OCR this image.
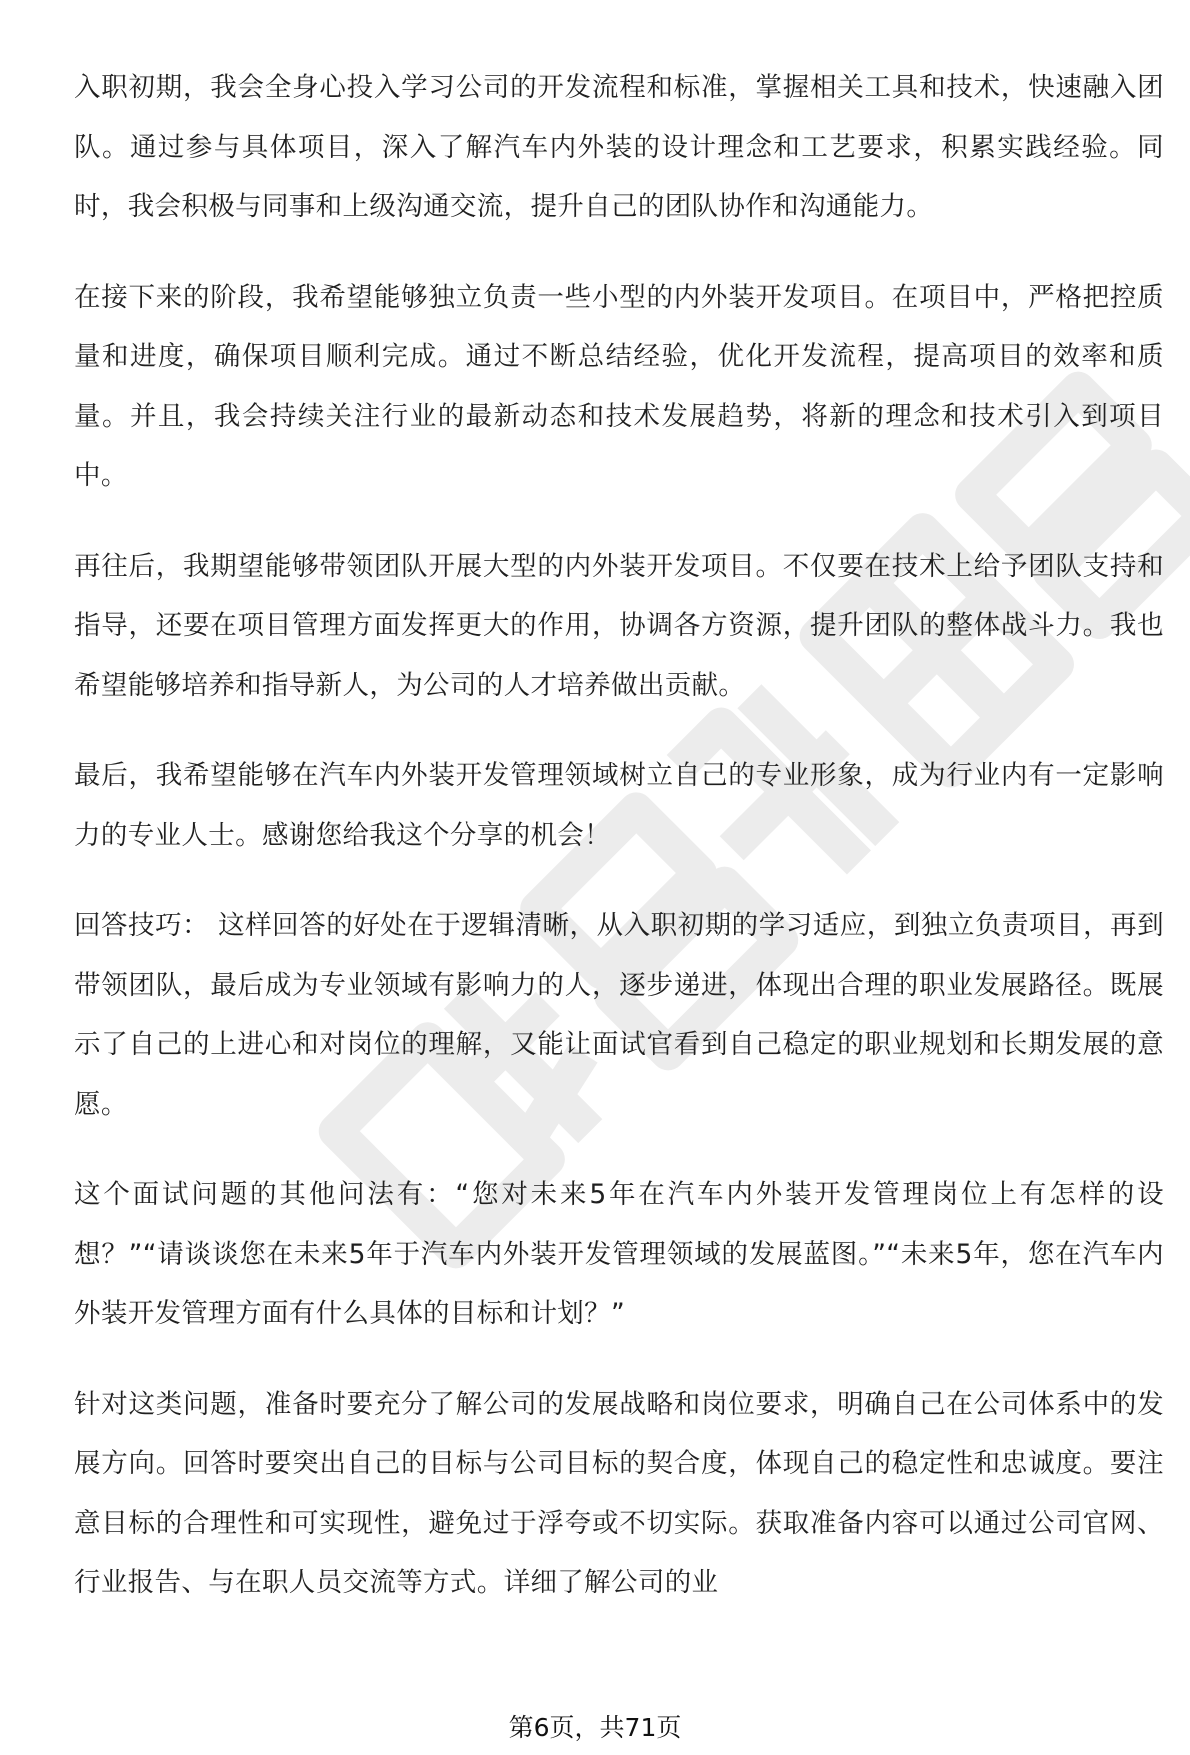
入职初期，我会全身心投入学习公司的开发流程和标准，掌握相关工具和技术，快速融入团队。通过参与具体项目，深入了解汽车内外装的设计理念和工艺要求，积累实践经验。同时，我会积极与同事和上级沟通交流，提升自己的团队协作和沟通能力。

在接下来的阶段，我希望能够独立负责一些小型的内外装开发项目。在项目中，严格把控质量和进度，确保项目顺利完成。通过不断总结经验，优化开发流程，提高项目的效率和质量。并且，我会持续关注行业的最新动态和技术发展趋势，将新的理念和技术引入到项目中。

再往后，我期望能够带领团队开展大型的内外装开发项目。不仅要在技术上给予团队支持和指导，还要在项目管理方面发挥更大的作用，协调各方资源，提升团队的整体战斗力。我也希望能够培养和指导新人，为公司的人才培养做出贡献。

最后，我希望能够在汽车内外装开发管理领域树立自己的专业形象，成为行业内有一定影响力的专业人士。感谢您给我这个分享的机会！

回答技巧： 这样回答的好处在于逻辑清晰，从入职初期的学习适应，到独立负责项目，再到带领团队，最后成为专业领域有影响力的人，逐步递进，体现出合理的职业发展路径。既展示了自己的上进心和对岗位的理解，又能让面试官看到自己稳定的职业规划和长期发展的意愿。

这个面试问题的其他问法有：“您对未来5年在汽车内外装开发管理岗位上有怎样的设想？”“请谈谈您在未来5年于汽车内外装开发管理领域的发展蓝图。”“未来5年，您在汽车内外装开发管理方面有什么具体的目标和计划？”

针对这类问题，准备时要充分了解公司的发展战略和岗位要求，明确自己在公司体系中的发展方向。回答时要突出自己的目标与公司目标的契合度，体现自己的稳定性和忠诚度。要注意目标的合理性和可实现性，避免过于浮夸或不切实际。获取准备内容可以通过公司官网、行业报告、与在职人员交流等方式。详细了解公司的业

第6页，共71页
